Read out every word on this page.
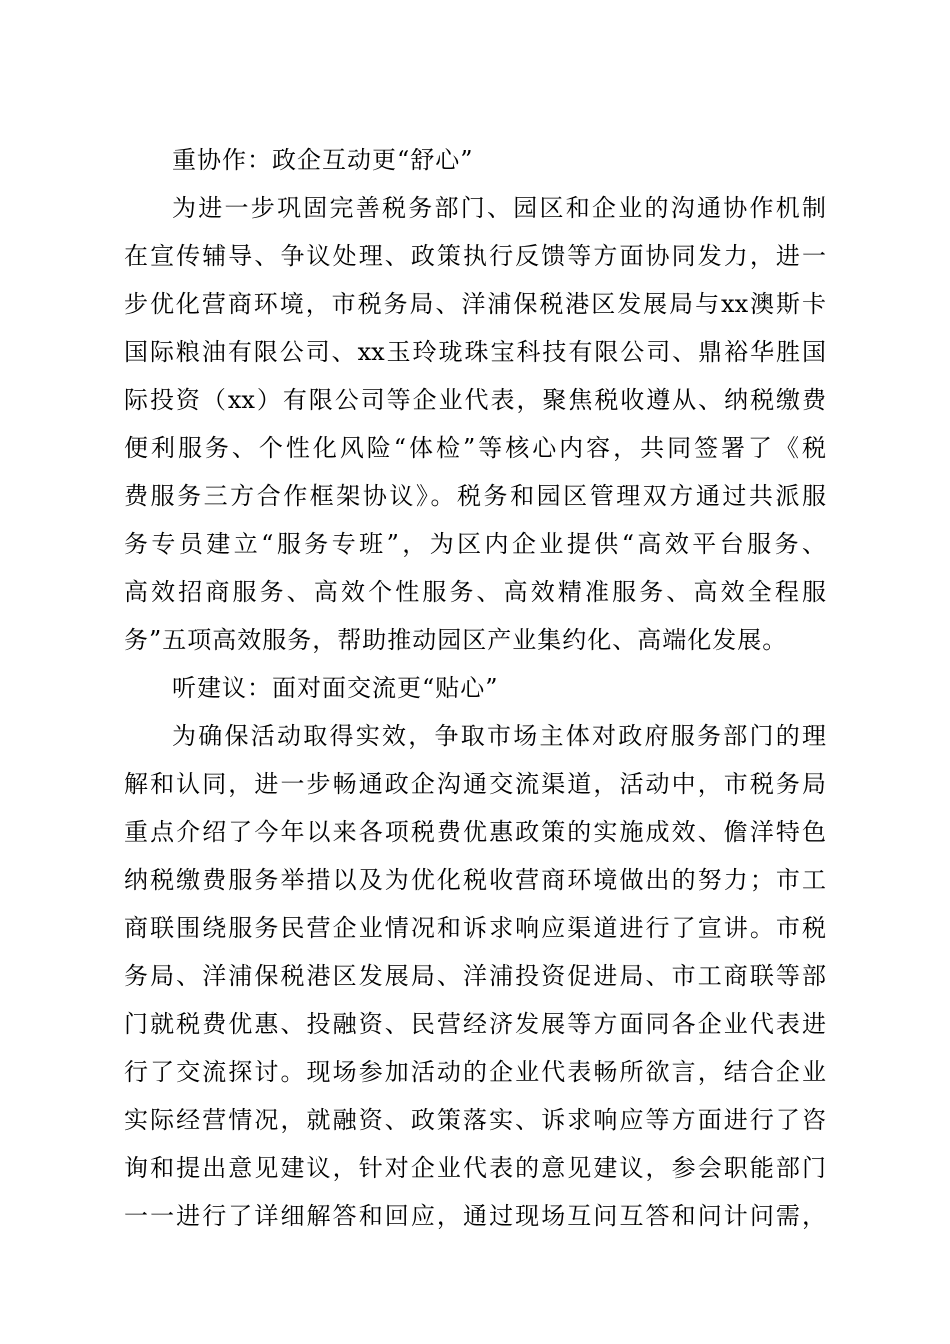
重协作：政企互动更“舒心”
为进一步巩固完善税务部门、园区和企业的沟通协作机制
在宣传辅导、争议处理、政策执行反馈等方面协同发力，进一
步优化营商环境，市税务局、洋浦保税港区发展局与xx澳斯卡
国际粮油有限公司、xx玉玲珑珠宝科技有限公司、鼎裕华胜国
际投资（xx）有限公司等企业代表，聚焦税收遵从、纳税缴费
便利服务、个性化风险“体检”等核心内容，共同签署了《税
费服务三方合作框架协议》。税务和园区管理双方通过共派服
务专员建立“服务专班”，为区内企业提供“高效平台服务、
高效招商服务、高效个性服务、高效精准服务、高效全程服
务”五项高效服务，帮助推动园区产业集约化、高端化发展。
听建议：面对面交流更“贴心”
为确保活动取得实效，争取市场主体对政府服务部门的理
解和认同，进一步畅通政企沟通交流渠道，活动中，市税务局
重点介绍了今年以来各项税费优惠政策的实施成效、儋洋特色
纳税缴费服务举措以及为优化税收营商环境做出的努力；市工
商联围绕服务民营企业情况和诉求响应渠道进行了宣讲。市税
务局、洋浦保税港区发展局、洋浦投资促进局、市工商联等部
门就税费优惠、投融资、民营经济发展等方面同各企业代表进
行了交流探讨。现场参加活动的企业代表畅所欲言，结合企业
实际经营情况，就融资、政策落实、诉求响应等方面进行了咨
询和提出意见建议，针对企业代表的意见建议，参会职能部门
一一进行了详细解答和回应，通过现场互问互答和问计问需，
